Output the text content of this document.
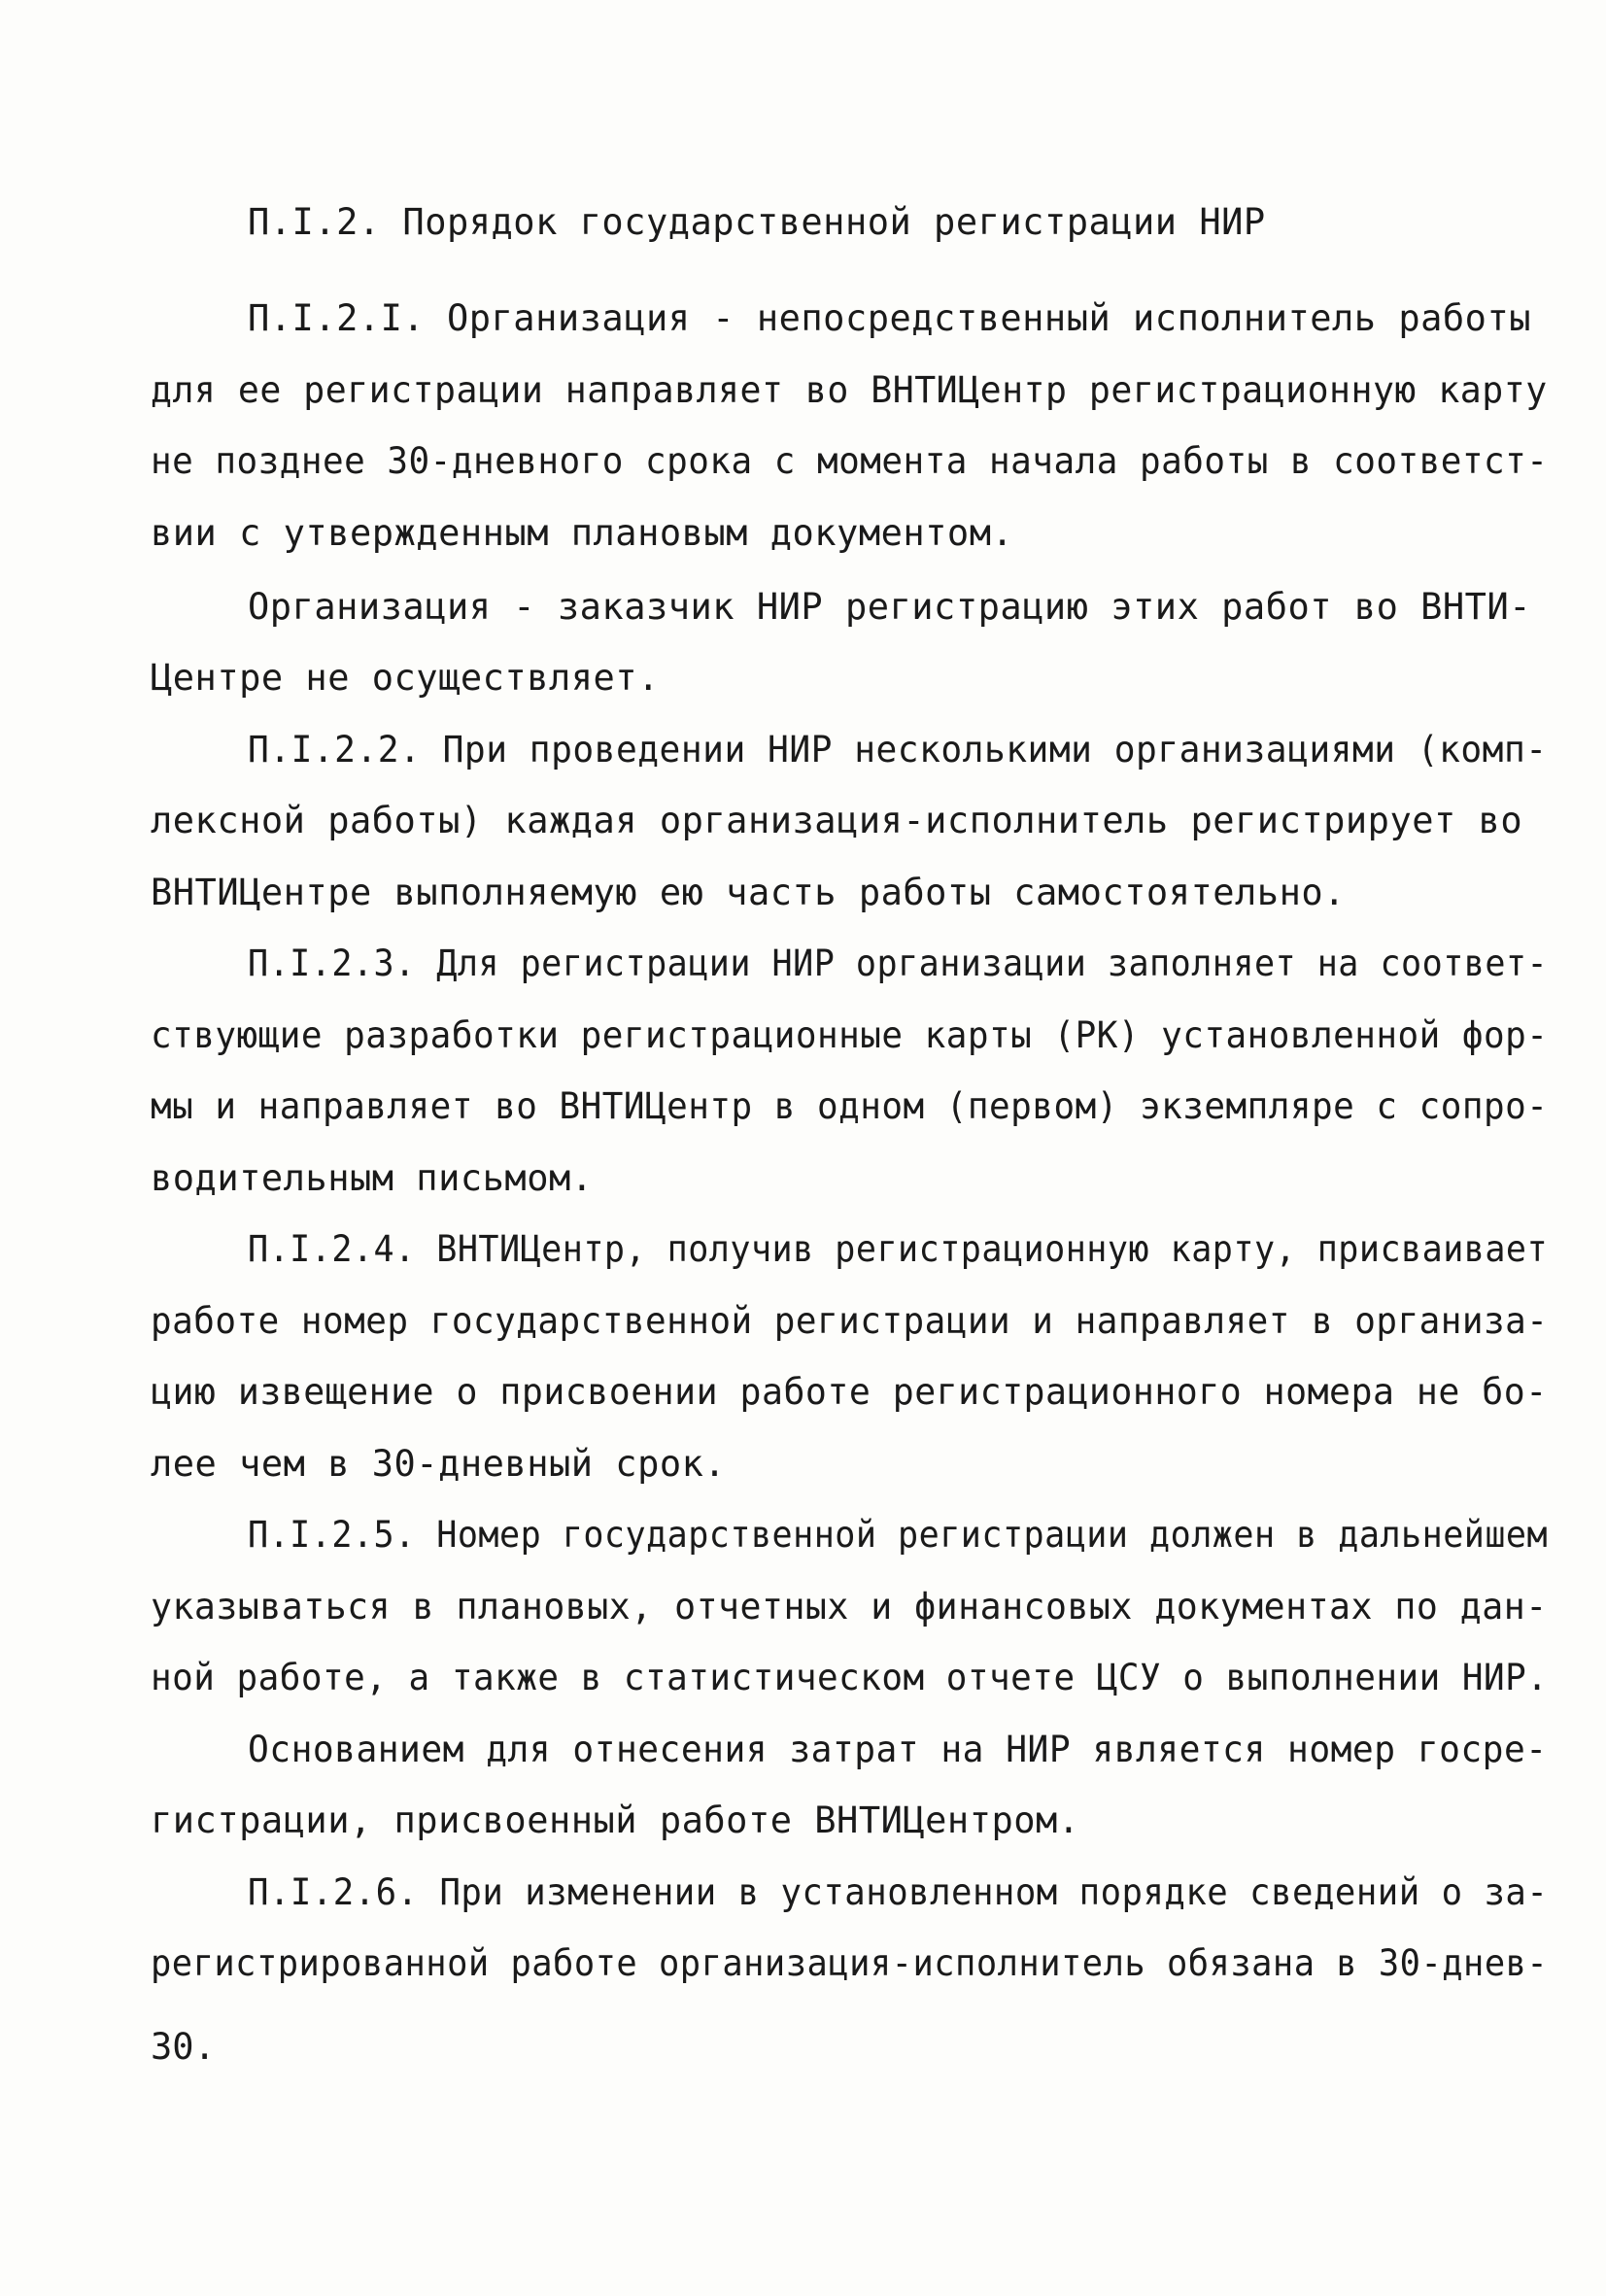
П.I.2. Порядок государственной регистрации НИР
П.I.2.I. Организация - непосредственный исполнитель работы
для ее регистрации направляет во ВНТИЦентр регистрационную карту
не позднее 30-дневного срока с момента начала работы в соответст-
вии с утвержденным плановым документом.
Организация - заказчик НИР регистрацию этих работ во ВНТИ-
Центре не осуществляет.
П.I.2.2. При проведении НИР несколькими организациями (комп-
лексной работы) каждая организация-исполнитель регистрирует во
ВНТИЦентре выполняемую ею часть работы самостоятельно.
П.I.2.3. Для регистрации НИР организации заполняет на соответ-
ствующие разработки регистрационные карты (РК) установленной фор-
мы и направляет во ВНТИЦентр в одном (первом) экземпляре с сопро-
водительным письмом.
П.I.2.4. ВНТИЦентр, получив регистрационную карту, присваивает
работе номер государственной регистрации и направляет в организа-
цию извещение о присвоении работе регистрационного номера не бо-
лее чем в 30-дневный срок.
П.I.2.5. Номер государственной регистрации должен в дальнейшем
указываться в плановых, отчетных и финансовых документах по дан-
ной работе, а также в статистическом отчете ЦСУ о выполнении НИР.
Основанием для отнесения затрат на НИР является номер госре-
гистрации, присвоенный работе ВНТИЦентром.
П.I.2.6. При изменении в установленном порядке сведений о за-
регистрированной работе организация-исполнитель обязана в 30-днев-
30.
